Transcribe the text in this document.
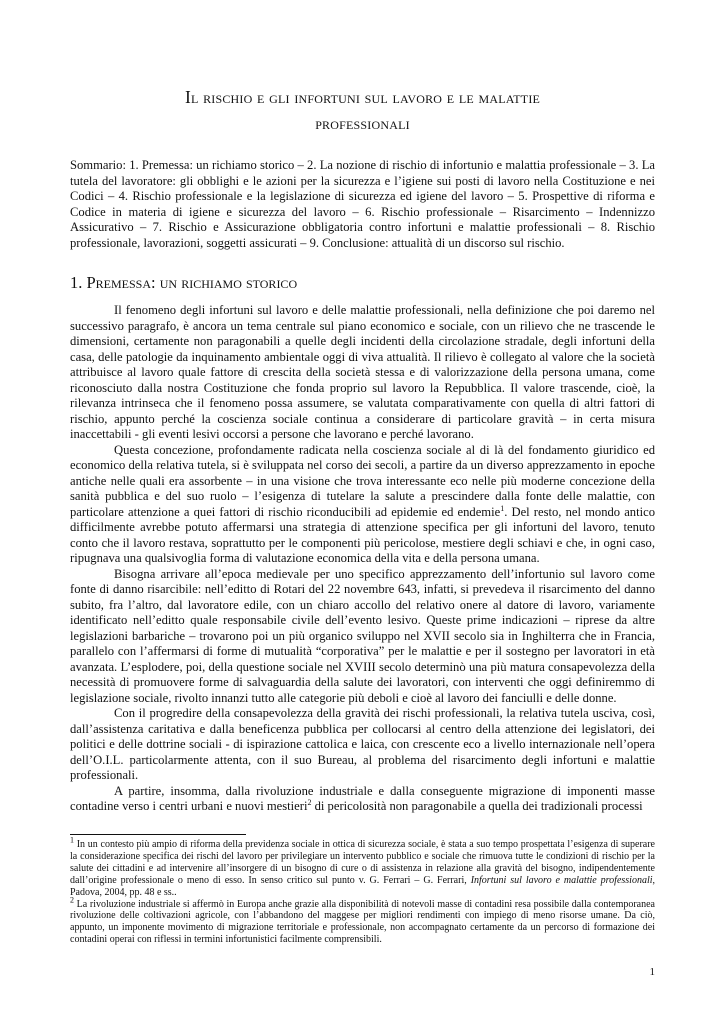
Il rischio e gli infortuni sul lavoro e le malattie
professionali

Sommario: 1. Premessa: un richiamo storico – 2. La nozione di rischio di infortunio e malattia professionale – 3. La tutela del lavoratore: gli obblighi e le azioni per la sicurezza e l’igiene sui posti di lavoro nella Costituzione e nei Codici – 4. Rischio professionale e la legislazione di sicurezza ed igiene del lavoro – 5. Prospettive di riforma e Codice in materia di igiene e sicurezza del lavoro – 6. Rischio professionale – Risarcimento – Indennizzo Assicurativo – 7. Rischio e Assicurazione obbligatoria contro infortuni e malattie professionali – 8. Rischio professionale, lavorazioni, soggetti assicurati – 9. Conclusione: attualità di un discorso sul rischio.

1. Premessa: un richiamo storico

Il fenomeno degli infortuni sul lavoro e delle malattie professionali, nella definizione che poi daremo nel successivo paragrafo, è ancora un tema centrale sul piano economico e sociale, con un rilievo che ne trascende le dimensioni, certamente non paragonabili a quelle degli incidenti della circolazione stradale, degli infortuni della casa, delle patologie da inquinamento ambientale oggi di viva attualità. Il rilievo è collegato al valore che la società attribuisce al lavoro quale fattore di crescita della società stessa e di valorizzazione della persona umana, come riconosciuto dalla nostra Costituzione che fonda proprio sul lavoro la Repubblica. Il valore trascende, cioè, la rilevanza intrinseca che il fenomeno possa assumere, se valutata comparativamente con quella di altri fattori di rischio, appunto perché la coscienza sociale continua a considerare di particolare gravità – in certa misura inaccettabili - gli eventi lesivi occorsi a persone che lavorano e perché lavorano.

Questa concezione, profondamente radicata nella coscienza sociale al di là del fondamento giuridico ed economico della relativa tutela, si è sviluppata nel corso dei secoli, a partire da un diverso apprezzamento in epoche antiche nelle quali era assorbente – in una visione che trova interessante eco nelle più moderne concezione della sanità pubblica e del suo ruolo – l’esigenza di tutelare la salute a prescindere dalla fonte delle malattie, con particolare attenzione a quei fattori di rischio riconducibili ad epidemie ed endemie$^1$. Del resto, nel mondo antico difficilmente avrebbe potuto affermarsi una strategia di attenzione specifica per gli infortuni del lavoro, tenuto conto che il lavoro restava, soprattutto per le componenti più pericolose, mestiere degli schiavi e che, in ogni caso, ripugnava una qualsivoglia forma di valutazione economica della vita e della persona umana.

Bisogna arrivare all’epoca medievale per uno specifico apprezzamento dell’infortunio sul lavoro come fonte di danno risarcibile: nell’editto di Rotari del 22 novembre 643, infatti, si prevedeva il risarcimento del danno subito, fra l’altro, dal lavoratore edile, con un chiaro accollo del relativo onere al datore di lavoro, variamente identificato nell’editto quale responsabile civile dell’evento lesivo. Queste prime indicazioni – riprese da altre legislazioni barbariche – trovarono poi un più organico sviluppo nel XVII secolo sia in Inghilterra che in Francia, parallelo con l’affermarsi di forme di mutualità “corporativa” per le malattie e per il sostegno per lavoratori in età avanzata. L’esplodere, poi, della questione sociale nel XVIII secolo determinò una più matura consapevolezza della necessità di promuovere forme di salvaguardia della salute dei lavoratori, con interventi che oggi definiremmo di legislazione sociale, rivolto innanzi tutto alle categorie più deboli e cioè al lavoro dei fanciulli e delle donne.

Con il progredire della consapevolezza della gravità dei rischi professionali, la relativa tutela usciva, così, dall’assistenza caritativa e dalla beneficenza pubblica per collocarsi al centro della attenzione dei legislatori, dei politici e delle dottrine sociali - di ispirazione cattolica e laica, con crescente eco a livello internazionale nell’opera dell’O.I.L. particolarmente attenta, con il suo Bureau, al problema del risarcimento degli infortuni e malattie professionali.

A partire, insomma, dalla rivoluzione industriale e dalla conseguente migrazione di imponenti masse contadine verso i centri urbani e nuovi mestieri$^2$ di pericolosità non paragonabile a quella dei tradizionali processi

$^1$ In un contesto più ampio di riforma della previdenza sociale in ottica di sicurezza sociale, è stata a suo tempo prospettata l’esigenza di superare la considerazione specifica dei rischi del lavoro per privilegiare un intervento pubblico e sociale che rimuova tutte le condizioni di rischio per la salute dei cittadini e ad intervenire all’insorgere di un bisogno di cure o di assistenza in relazione alla gravità del bisogno, indipendentemente dall’origine professionale o meno di esso. In senso critico sul punto v. G. Ferrari – G. Ferrari, Infortuni sul lavoro e malattie professionali, Padova, 2004, pp. 48 e ss..

$^2$ La rivoluzione industriale si affermò in Europa anche grazie alla disponibilità di notevoli masse di contadini resa possibile dalla contemporanea rivoluzione delle coltivazioni agricole, con l’abbandono del maggese per migliori rendimenti con impiego di meno risorse umane. Da ciò, appunto, un imponente movimento di migrazione territoriale e professionale, non accompagnato certamente da un percorso di formazione dei contadini operai con riflessi in termini infortunistici facilmente comprensibili.

1
